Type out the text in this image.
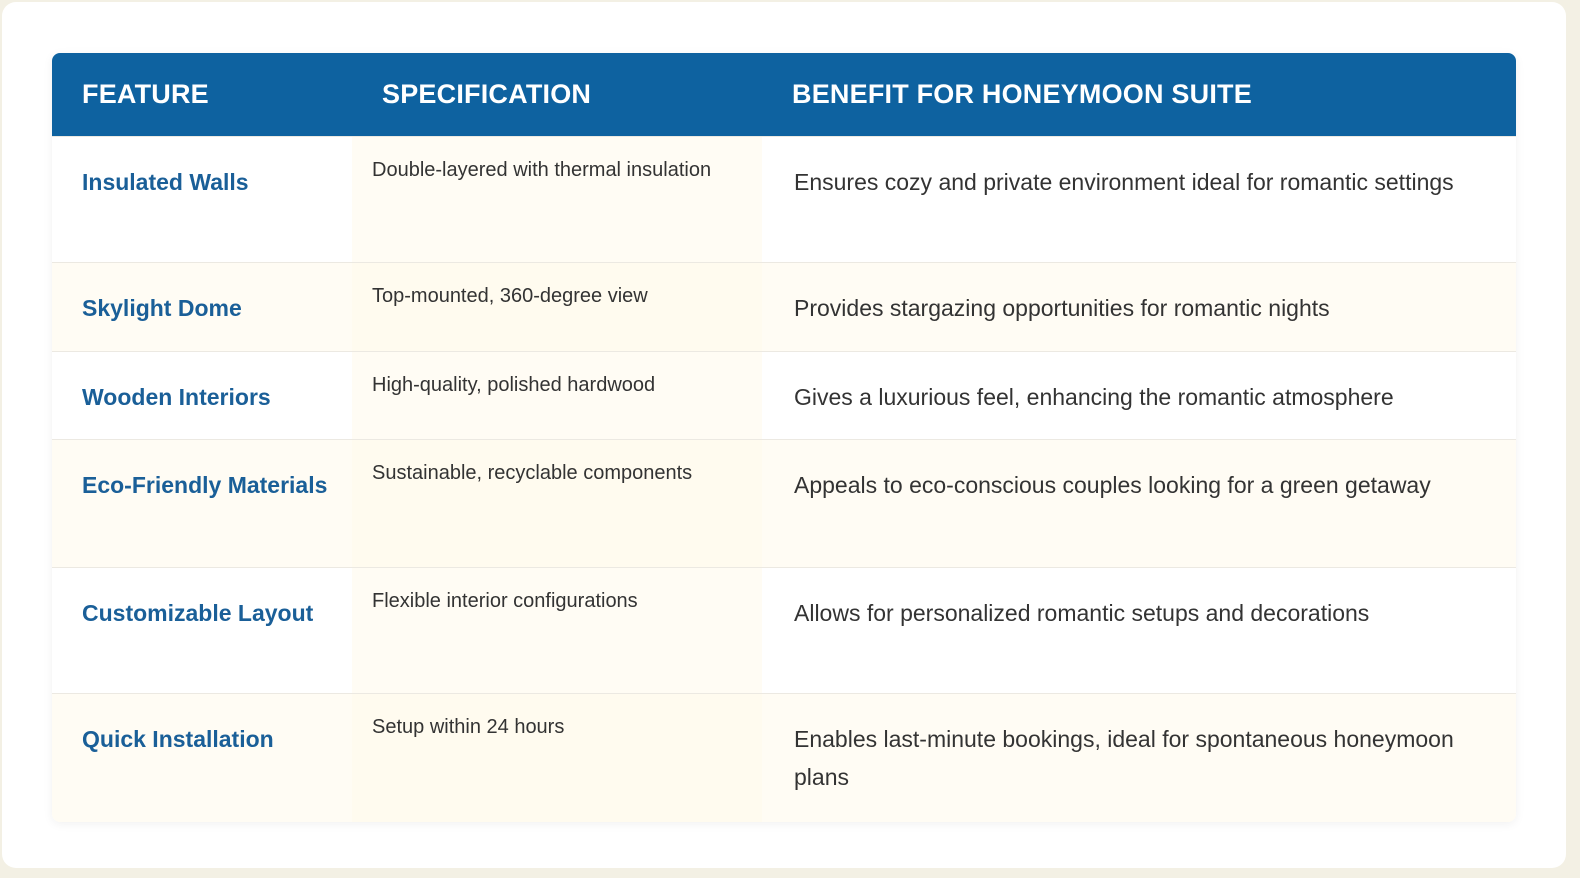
FEATURE	SPECIFICATION	BENEFIT FOR HONEYMOON SUITE
Insulated Walls	Double-layered with thermal insulation	Ensures cozy and private environment ideal for romantic settings
Skylight Dome	Top-mounted, 360-degree view	Provides stargazing opportunities for romantic nights
Wooden Interiors	High-quality, polished hardwood	Gives a luxurious feel, enhancing the romantic atmosphere
Eco-Friendly Materials	Sustainable, recyclable components	Appeals to eco-conscious couples looking for a green getaway
Customizable Layout	Flexible interior configurations	Allows for personalized romantic setups and decorations
Quick Installation	Setup within 24 hours	Enables last-minute bookings, ideal for spontaneous honeymoon plans
